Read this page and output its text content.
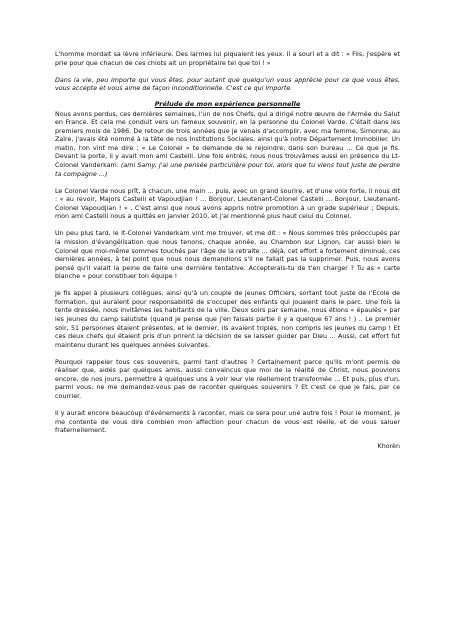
L'homme mordait sa lèvre inférieure. Des larmes lui piquaient les yeux. Il a souri et a dit : « Fils, j'espère et prie pour que chacun de ces chiots ait un propriétaire tel que toi ! »

Dans la vie, peu importe qui vous êtes, pour autant que quelqu'un vous apprécie pour ce que vous êtes, vous accepte et vous aime de façon inconditionnelle. C'est ce qui importe.

Prélude de mon expérience personnelle

Nous avons perdus, ces dernières semaines, l'un de nos Chefs, qui a dirigé notre œuvre de l'Armée du Salut en France. Et cela me conduit vers un fameux souvenir, en la personne du Colonel Varde. C'était dans les premiers mois de 1986. De retour de trois années que je venais d'accomplir, avec ma femme, Simonne, au Zaïre, j'avais été nommé à la tête de nos Institutions Sociales, ainsi qu'à notre Département Immobilier. Un matin, l'on vint me dire ; « Le Colonel » te demande de le rejoindre, dans son bureau ... Ce que je fis. Devant la porte, il y avait mon ami Castelli. Une fois entrés, nous nous trouvâmes aussi en présence du Lt-Colonel Vanderkam. (ami Samy, j'ai une pensée particulière pour toi, alors que tu viens tout juste de perdre ta compagne ...)

Le Colonel Varde nous prît, à chacun, une main ... puis, avec un grand sourire, et d'une voix forte, il nous dit : « au revoir, Majors Castelli et Vapoudjian ! ... Bonjour, Lieutenant-Colonel Castelli ... Bonjour, Lieutenant-Colonel Vapoudjian ! » . C'est ainsi que nous avons appris notre promotion à un grade supérieur ; Depuis, mon ami Castelli nous a quittés en janvier 2010, et j'ai mentionné plus haut celui du Colonel.

Un peu plus tard, le lt-Colonel Vanderkam vint me trouver, et me dit : « Nous sommes très préoccupés par la mission d'évangélisation que nous tenons, chaque année, au Chambon sur Lignon, car aussi bien le Colonel que moi-même sommes touchés par l'âge de la retraite ... déjà, cet effort a fortement diminué, ces dernières années, à tel point que nous nous demandions s'il ne fallait pas la supprimer. Puis, nous avons pensé qu'il valait la peine de faire une dernière tentative. Accepterais-tu de t'en charger ? Tu as « carte blanche » pour constituer ton équipe !

Je fis appel à plusieurs collègues, ainsi qu'à un couple de jeunes Officiers, sortant tout juste de l'Ecole de formation, qui auraient pour responsabilité de s'occuper des enfants qui jouaient dans le parc. Une fois la tente dressée, nous invitâmes les habitants de la ville. Deux soirs par semaine, nous étions « épaulés » par les jeunes du camp salutiste (quand je pense que j'en faisais partie il y a quelque 67 ans ! ) .. Le premier soir, 51 personnes étaient présentes, et le dernier, ils avaient triplés, non compris les jeunes du camp ! Et ces deux chefs qui étaient pris d'un prirent la décision de se laisser guider par Dieu ... Aussi, cet effort fut maintenu durant les quelques années suivantes.

Pourquoi rappeler tous ces souvenirs, parmi tant d'autres ? Certainement parce qu'ils m'ont permis de réaliser que, aidés par quelques amis, aussi convaincus que moi de la réalité de Christ, nous pouvions encore, de nos jours, permettre à quelques uns à voir leur vie réellement transformée ... Et puis, plus d'un, parmi vous, ne me demandez-vous pas de raconter quelques souvenirs ? Et c'est ce que je fais, par ce courrier.

Il y aurait encore beaucoup d'événements à raconter, mais ce sera pour une autre fois ! Pour le moment, je me contente de vous dire combien mon affection pour chacun de vous est réelle, et de vous saluer fraternellement.

Khorèn
